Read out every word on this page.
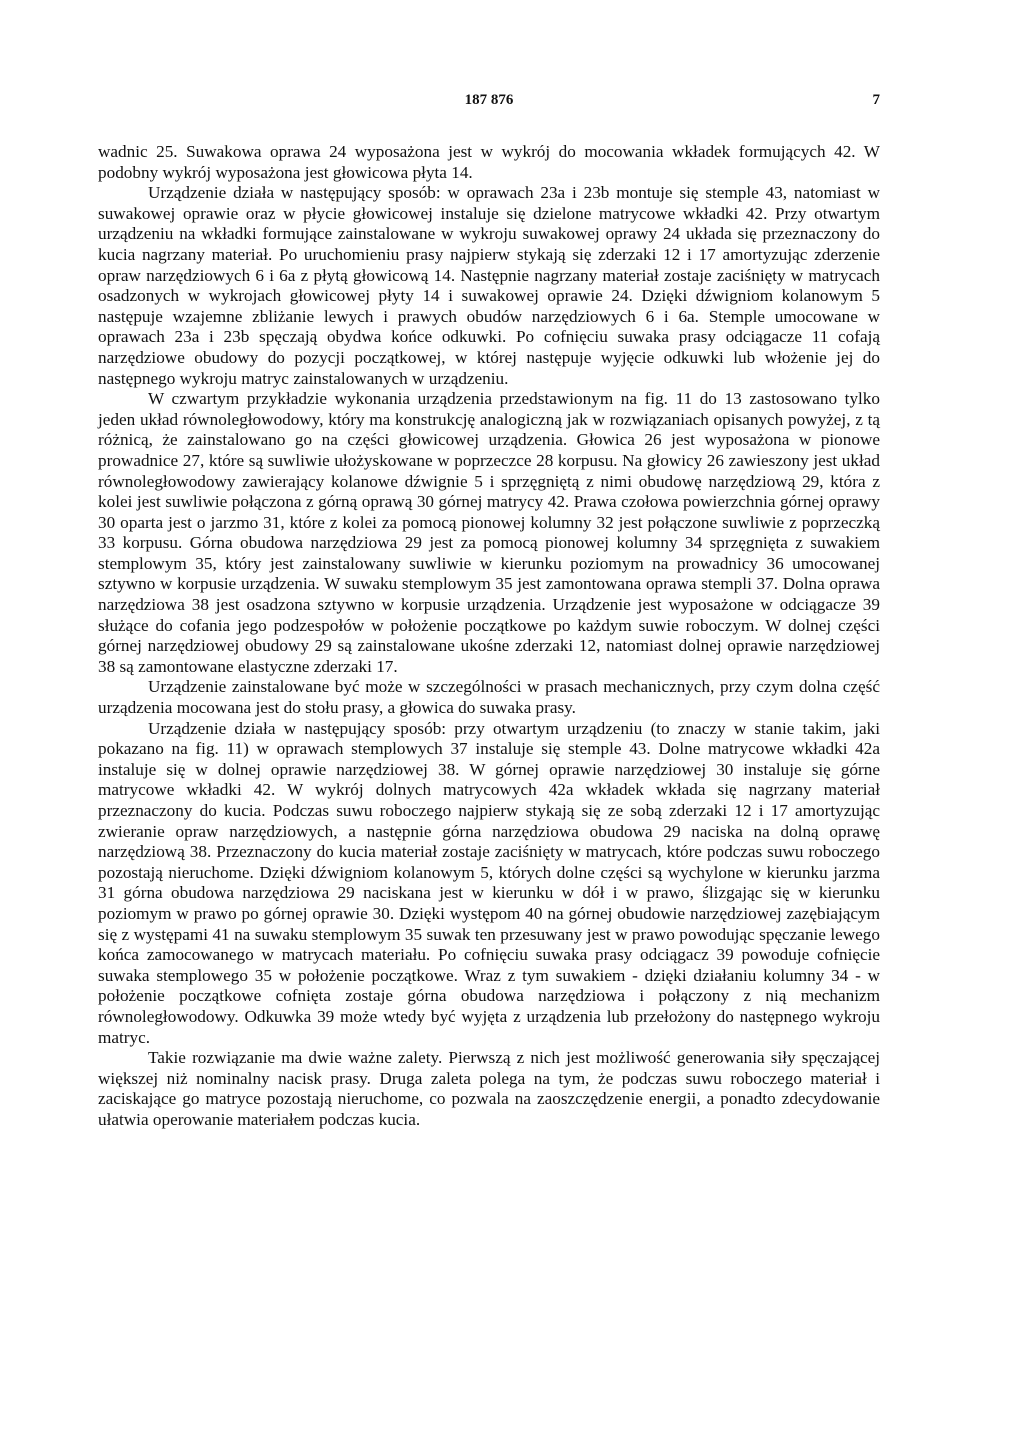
187 876	7

wadnic 25. Suwakowa oprawa 24 wyposażona jest w wykrój do mocowania wkładek formujących 42. W podobny wykrój wyposażona jest głowicowa płyta 14.

Urządzenie działa w następujący sposób: w oprawach 23a i 23b montuje się stemple 43, natomiast w suwakowej oprawie oraz w płycie głowicowej instaluje się dzielone matrycowe wkładki 42. Przy otwartym urządzeniu na wkładki formujące zainstalowane w wykroju suwakowej oprawy 24 układa się przeznaczony do kucia nagrzany materiał. Po uruchomieniu prasy najpierw stykają się zderzaki 12 i 17 amortyzując zderzenie opraw narzędziowych 6 i 6a z płytą głowicową 14. Następnie nagrzany materiał zostaje zaciśnięty w matrycach osadzonych w wykrojach głowicowej płyty 14 i suwakowej oprawie 24. Dzięki dźwigniom kolanowym 5 następuje wzajemne zbliżanie lewych i prawych obudów narzędziowych 6 i 6a. Stemple umocowane w oprawach 23a i 23b spęczają obydwa końce odkuwki. Po cofnięciu suwaka prasy odciągacze 11 cofają narzędziowe obudowy do pozycji początkowej, w której następuje wyjęcie odkuwki lub włożenie jej do następnego wykroju matryc zainstalowanych w urządzeniu.

W czwartym przykładzie wykonania urządzenia przedstawionym na fig. 11 do 13 zastosowano tylko jeden układ równoległowodowy, który ma konstrukcję analogiczną jak w rozwiązaniach opisanych powyżej, z tą różnicą, że zainstalowano go na części głowicowej urządzenia. Głowica 26 jest wyposażona w pionowe prowadnice 27, które są suwliwie ułożyskowane w poprzeczce 28 korpusu. Na głowicy 26 zawieszony jest układ równoległowodowy zawierający kolanowe dźwignie 5 i sprzęgniętą z nimi obudowę narzędziową 29, która z kolei jest suwliwie połączona z górną oprawą 30 górnej matrycy 42. Prawa czołowa powierzchnia górnej oprawy 30 oparta jest o jarzmo 31, które z kolei za pomocą pionowej kolumny 32 jest połączone suwliwie z poprzeczką 33 korpusu. Górna obudowa narzędziowa 29 jest za pomocą pionowej kolumny 34 sprzęgnięta z suwakiem stemplowym 35, który jest zainstalowany suwliwie w kierunku poziomym na prowadnicy 36 umocowanej sztywno w korpusie urządzenia. W suwaku stemplowym 35 jest zamontowana oprawa stempli 37. Dolna oprawa narzędziowa 38 jest osadzona sztywno w korpusie urządzenia. Urządzenie jest wyposażone w odciągacze 39 służące do cofania jego podzespołów w położenie początkowe po każdym suwie roboczym. W dolnej części górnej narzędziowej obudowy 29 są zainstalowane ukośne zderzaki 12, natomiast dolnej oprawie narzędziowej 38 są zamontowane elastyczne zderzaki 17.

Urządzenie zainstalowane być może w szczególności w prasach mechanicznych, przy czym dolna część urządzenia mocowana jest do stołu prasy, a głowica do suwaka prasy.

Urządzenie działa w następujący sposób: przy otwartym urządzeniu (to znaczy w stanie takim, jaki pokazano na fig. 11) w oprawach stemplowych 37 instaluje się stemple 43. Dolne matrycowe wkładki 42a instaluje się w dolnej oprawie narzędziowej 38. W górnej oprawie narzędziowej 30 instaluje się górne matrycowe wkładki 42. W wykrój dolnych matrycowych 42a wkładek wkłada się nagrzany materiał przeznaczony do kucia. Podczas suwu roboczego najpierw stykają się ze sobą zderzaki 12 i 17 amortyzując zwieranie opraw narzędziowych, a następnie górna narzędziowa obudowa 29 naciska na dolną oprawę narzędziową 38. Przeznaczony do kucia materiał zostaje zaciśnięty w matrycach, które podczas suwu roboczego pozostają nieruchome. Dzięki dźwigniom kolanowym 5, których dolne części są wychylone w kierunku jarzma 31 górna obudowa narzędziowa 29 naciskana jest w kierunku w dół i w prawo, ślizgając się w kierunku poziomym w prawo po górnej oprawie 30. Dzięki występom 40 na górnej obudowie narzędziowej zazębiającym się z występami 41 na suwaku stemplowym 35 suwak ten przesuwany jest w prawo powodując spęczanie lewego końca zamocowanego w matrycach materiału. Po cofnięciu suwaka prasy odciągacz 39 powoduje cofnięcie suwaka stemplowego 35 w położenie początkowe. Wraz z tym suwakiem - dzięki działaniu kolumny 34 - w położenie początkowe cofnięta zostaje górna obudowa narzędziowa i połączony z nią mechanizm równoległowodowy. Odkuwka 39 może wtedy być wyjęta z urządzenia lub przełożony do następnego wykroju matryc.

Takie rozwiązanie ma dwie ważne zalety. Pierwszą z nich jest możliwość generowania siły spęczającej większej niż nominalny nacisk prasy. Druga zaleta polega na tym, że podczas suwu roboczego materiał i zaciskające go matryce pozostają nieruchome, co pozwala na zaoszczędzenie energii, a ponadto zdecydowanie ułatwia operowanie materiałem podczas kucia.
